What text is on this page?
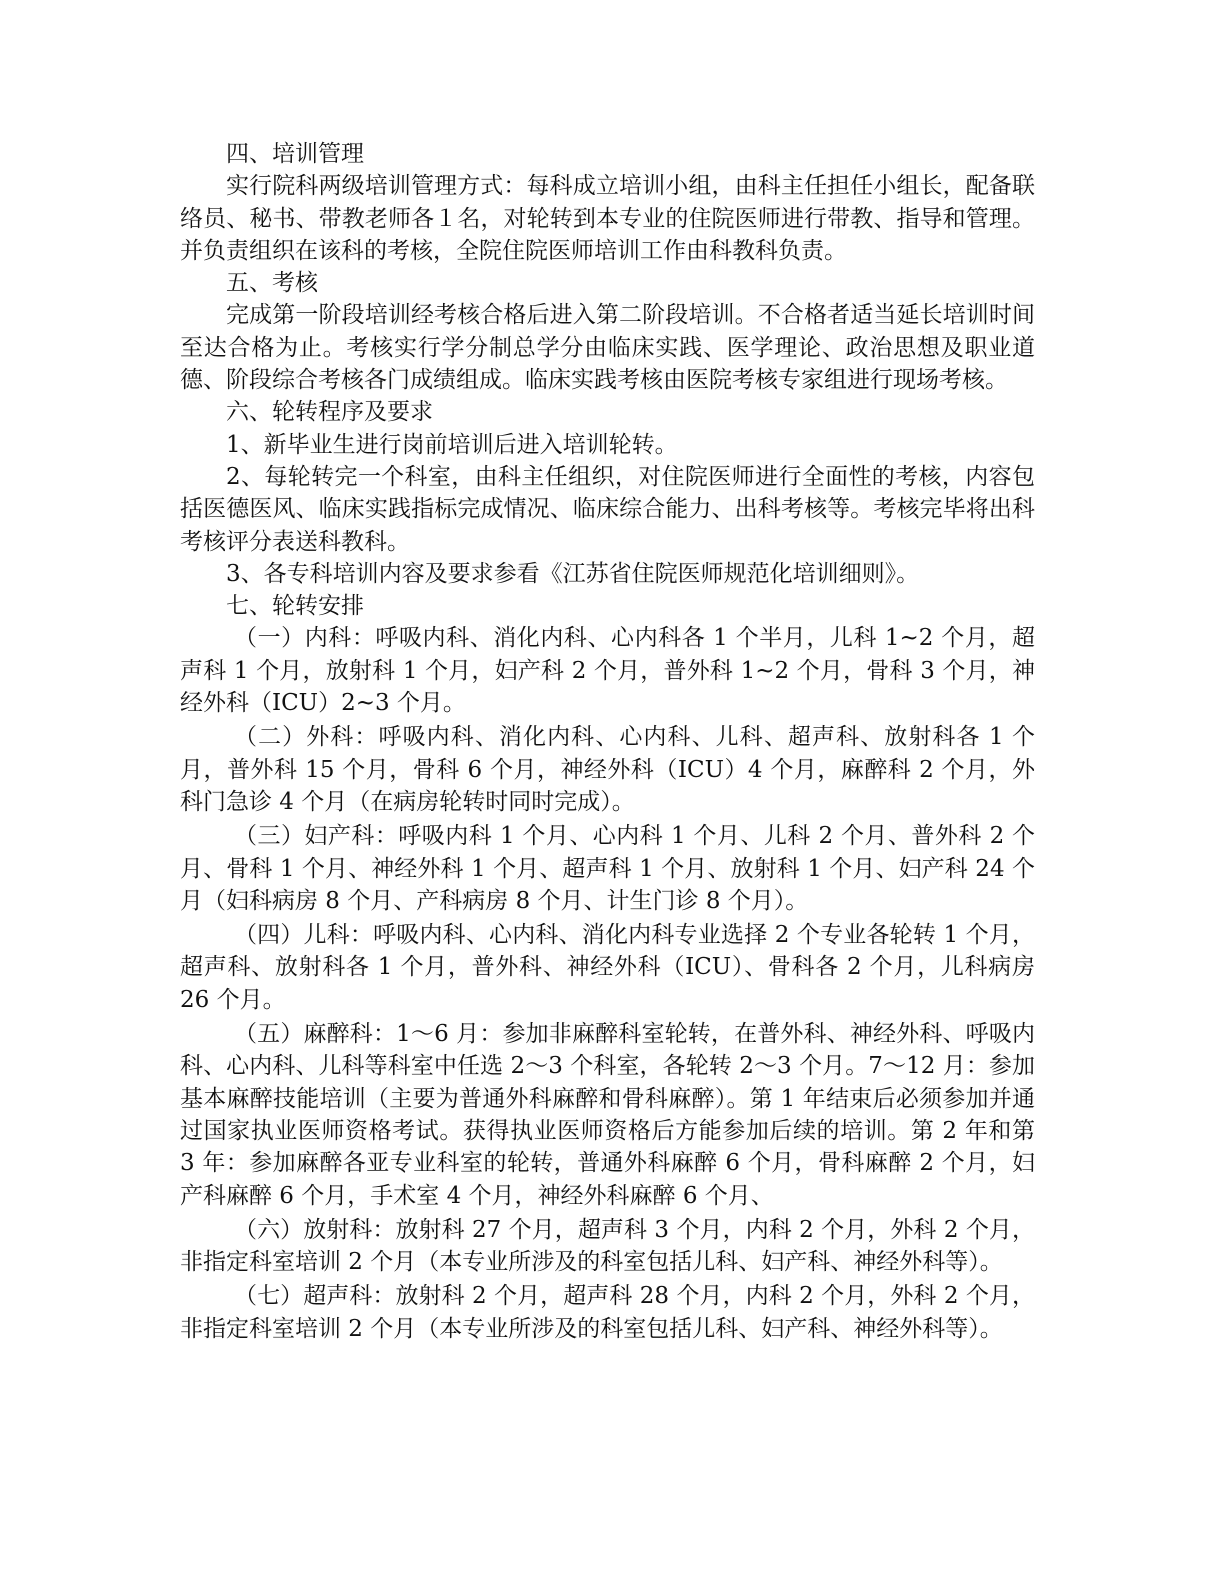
四、培训管理

实行院科两级培训管理方式：每科成立培训小组，由科主任担任小组长，配备联络员、秘书、带教老师各１名，对轮转到本专业的住院医师进行带教、指导和管理。并负责组织在该科的考核，全院住院医师培训工作由科教科负责。

五、考核

完成第一阶段培训经考核合格后进入第二阶段培训。不合格者适当延长培训时间至达合格为止。考核实行学分制总学分由临床实践、医学理论、政治思想及职业道德、阶段综合考核各门成绩组成。临床实践考核由医院考核专家组进行现场考核。

六、轮转程序及要求

1、新毕业生进行岗前培训后进入培训轮转。

2、每轮转完一个科室，由科主任组织，对住院医师进行全面性的考核，内容包括医德医风、临床实践指标完成情况、临床综合能力、出科考核等。考核完毕将出科考核评分表送科教科。

3、各专科培训内容及要求参看《江苏省住院医师规范化培训细则》。

七、轮转安排

（一）内科：呼吸内科、消化内科、心内科各 1 个半月，儿科 1~2 个月，超声科 1 个月，放射科 1 个月，妇产科 2 个月，普外科 1~2 个月，骨科 3 个月，神经外科（ICU）2~3 个月。

（二）外科：呼吸内科、消化内科、心内科、儿科、超声科、放射科各 1 个月，普外科 15 个月，骨科 6 个月，神经外科（ICU）4 个月，麻醉科 2 个月，外科门急诊 4 个月（在病房轮转时同时完成）。

（三）妇产科：呼吸内科 1 个月、心内科 1 个月、儿科 2 个月、普外科 2 个月、骨科 1 个月、神经外科 1 个月、超声科 1 个月、放射科 1 个月、妇产科 24 个月（妇科病房 8 个月、产科病房 8 个月、计生门诊 8 个月）。

（四）儿科：呼吸内科、心内科、消化内科专业选择 2 个专业各轮转 1 个月，超声科、放射科各 1 个月，普外科、神经外科（ICU）、骨科各 2 个月，儿科病房 26 个月。

（五）麻醉科：1～6 月：参加非麻醉科室轮转，在普外科、神经外科、呼吸内科、心内科、儿科等科室中任选 2～3 个科室，各轮转 2～3 个月。7～12 月：参加基本麻醉技能培训（主要为普通外科麻醉和骨科麻醉）。第 1 年结束后必须参加并通过国家执业医师资格考试。获得执业医师资格后方能参加后续的培训。第 2 年和第 3 年：参加麻醉各亚专业科室的轮转，普通外科麻醉 6 个月，骨科麻醉 2 个月，妇产科麻醉 6 个月，手术室 4 个月，神经外科麻醉 6 个月、

（六）放射科：放射科 27 个月，超声科 3 个月，内科 2 个月，外科 2 个月，非指定科室培训 2 个月（本专业所涉及的科室包括儿科、妇产科、神经外科等）。

（七）超声科：放射科 2 个月，超声科 28 个月，内科 2 个月，外科 2 个月，非指定科室培训 2 个月（本专业所涉及的科室包括儿科、妇产科、神经外科等）。
